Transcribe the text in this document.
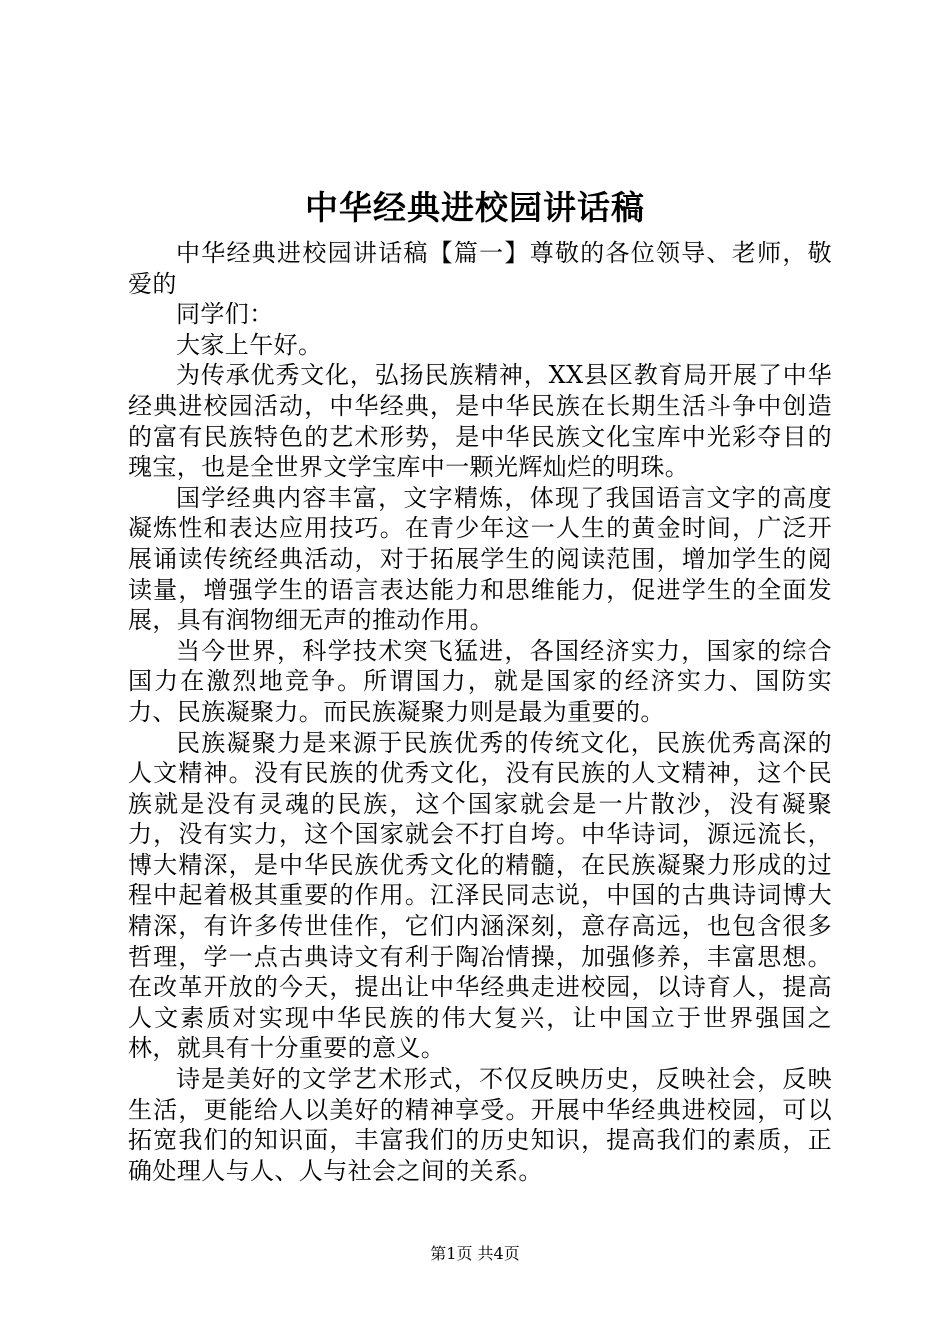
中华经典进校园讲话稿

中华经典进校园讲话稿【篇一】尊敬的各位领导、老师，敬爱的

同学们：

大家上午好。

为传承优秀文化，弘扬民族精神，XX县区教育局开展了中华经典进校园活动，中华经典，是中华民族在长期生活斗争中创造的富有民族特色的艺术形势，是中华民族文化宝库中光彩夺目的瑰宝，也是全世界文学宝库中一颗光辉灿烂的明珠。

国学经典内容丰富，文字精炼，体现了我国语言文字的高度凝炼性和表达应用技巧。在青少年这一人生的黄金时间，广泛开展诵读传统经典活动，对于拓展学生的阅读范围，增加学生的阅读量，增强学生的语言表达能力和思维能力，促进学生的全面发展，具有润物细无声的推动作用。

当今世界，科学技术突飞猛进，各国经济实力，国家的综合国力在激烈地竞争。所谓国力，就是国家的经济实力、国防实力、民族凝聚力。而民族凝聚力则是最为重要的。

民族凝聚力是来源于民族优秀的传统文化，民族优秀高深的人文精神。没有民族的优秀文化，没有民族的人文精神，这个民族就是没有灵魂的民族，这个国家就会是一片散沙，没有凝聚力，没有实力，这个国家就会不打自垮。中华诗词，源远流长，博大精深，是中华民族优秀文化的精髓，在民族凝聚力形成的过程中起着极其重要的作用。江泽民同志说，中国的古典诗词博大精深，有许多传世佳作，它们内涵深刻，意存高远，也包含很多哲理，学一点古典诗文有利于陶冶情操，加强修养，丰富思想。在改革开放的今天，提出让中华经典走进校园，以诗育人，提高人文素质对实现中华民族的伟大复兴，让中国立于世界强国之林，就具有十分重要的意义。

诗是美好的文学艺术形式，不仅反映历史，反映社会，反映生活，更能给人以美好的精神享受。开展中华经典进校园，可以拓宽我们的知识面，丰富我们的历史知识，提高我们的素质，正确处理人与人、人与社会之间的关系。

第1页 共4页
